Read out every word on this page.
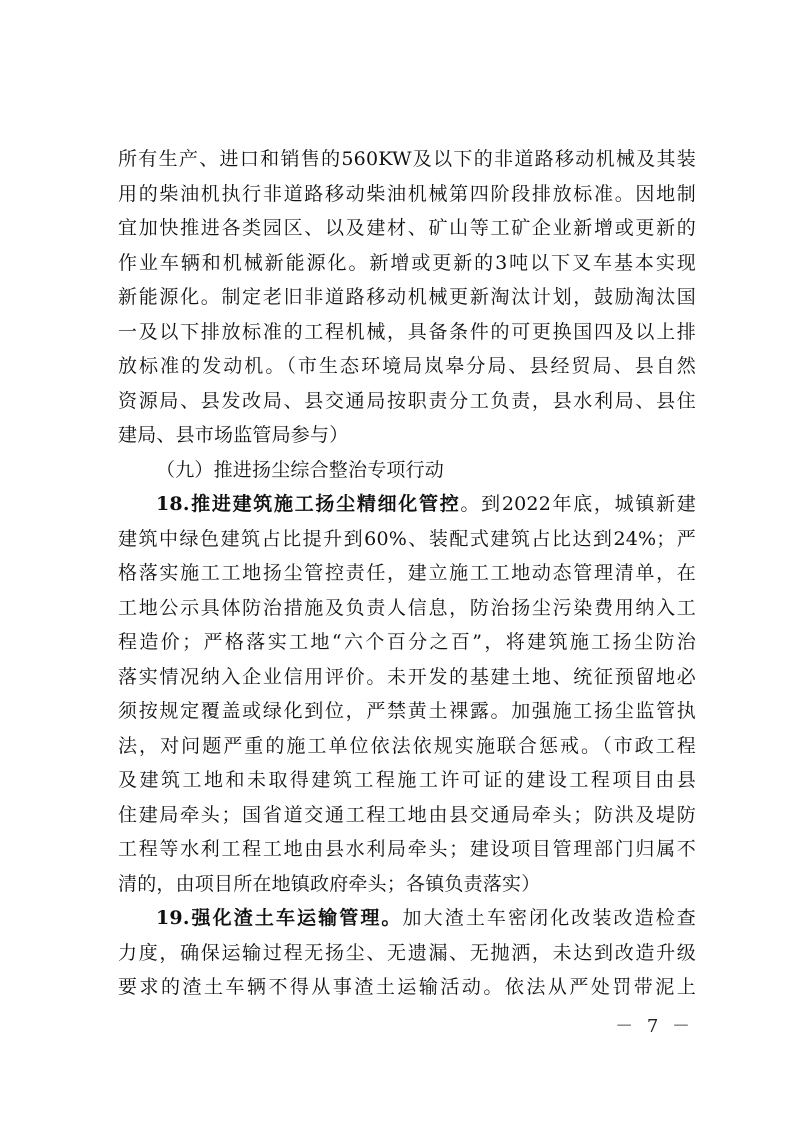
所有生产、进口和销售的560KW及以下的非道路移动机械及其装
用的柴油机执行非道路移动柴油机械第四阶段排放标准。因地制
宜加快推进各类园区、以及建材、矿山等工矿企业新增或更新的
作业车辆和机械新能源化。新增或更新的3吨以下叉车基本实现
新能源化。制定老旧非道路移动机械更新淘汰计划，鼓励淘汰国
一及以下排放标准的工程机械，具备条件的可更换国四及以上排
放标准的发动机。（市生态环境局岚皋分局、县经贸局、县自然
资源局、县发改局、县交通局按职责分工负责，县水利局、县住
建局、县市场监管局参与）
（九）推进扬尘综合整治专项行动
18.推进建筑施工扬尘精细化管控。到2022年底，城镇新建
建筑中绿色建筑占比提升到60%、装配式建筑占比达到24%；严
格落实施工工地扬尘管控责任，建立施工工地动态管理清单，在
工地公示具体防治措施及负责人信息，防治扬尘污染费用纳入工
程造价；严格落实工地“六个百分之百”，将建筑施工扬尘防治
落实情况纳入企业信用评价。未开发的基建土地、统征预留地必
须按规定覆盖或绿化到位，严禁黄土裸露。加强施工扬尘监管执
法，对问题严重的施工单位依法依规实施联合惩戒。（市政工程
及建筑工地和未取得建筑工程施工许可证的建设工程项目由县
住建局牵头；国省道交通工程工地由县交通局牵头；防洪及堤防
工程等水利工程工地由县水利局牵头；建设项目管理部门归属不
清的，由项目所在地镇政府牵头；各镇负责落实）
19.强化渣土车运输管理。加大渣土车密闭化改装改造检查
力度，确保运输过程无扬尘、无遗漏、无抛洒，未达到改造升级
要求的渣土车辆不得从事渣土运输活动。依法从严处罚带泥上
－ 7 －
